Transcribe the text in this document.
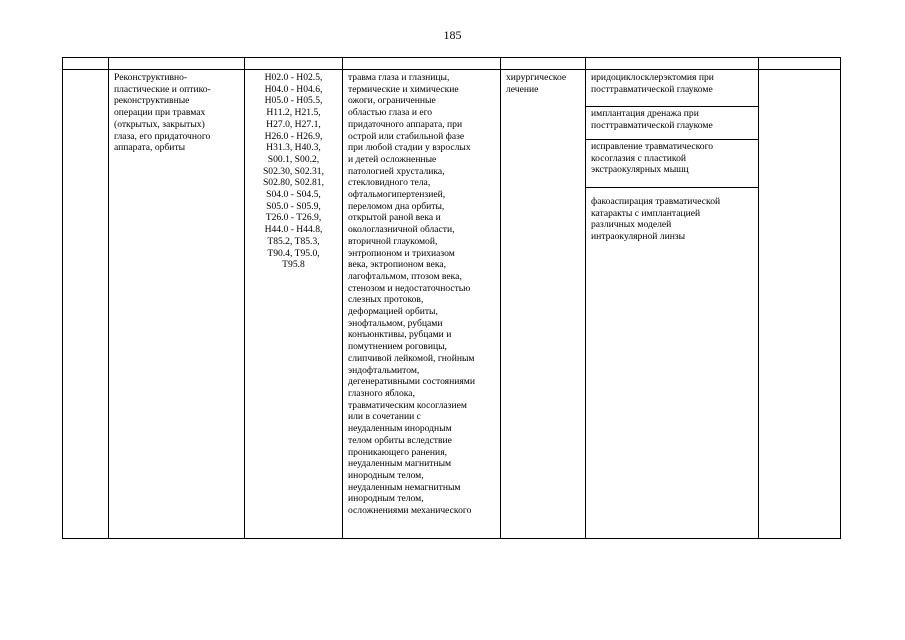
185
Реконструктивно-
пластические и оптико-
реконструктивные
операции при травмах
(открытых, закрытых)
глаза, его придаточного
аппарата, орбиты
H02.0 - H02.5,
H04.0 - H04.6,
H05.0 - H05.5,
H11.2, H21.5,
H27.0, H27.1,
H26.0 - H26.9,
H31.3, H40.3,
S00.1, S00.2,
S02.30, S02.31,
S02.80, S02.81,
S04.0 - S04.5,
S05.0 - S05.9,
T26.0 - T26.9,
H44.0 - H44.8,
T85.2, T85.3,
T90.4, T95.0,
T95.8
травма глаза и глазницы,
термические и химические
ожоги, ограниченные
областью глаза и его
придаточного аппарата, при
острой или стабильной фазе
при любой стадии у взрослых
и детей осложненные
патологией хрусталика,
стекловидного тела,
офтальмогипертензией,
переломом дна орбиты,
открытой раной века и
окологлазничной области,
вторичной глаукомой,
энтропионом и трихиазом
века, эктропионом века,
лагофтальмом, птозом века,
стенозом и недостаточностью
слезных протоков,
деформацией орбиты,
энофтальмом, рубцами
конъюнктивы, рубцами и
помутнением роговицы,
слипчивой лейкомой, гнойным
эндофтальмитом,
дегенеративными состояниями
глазного яблока,
травматическим косоглазием
или в сочетании с
неудаленным инородным
телом орбиты вследствие
проникающего ранения,
неудаленным магнитным
инородным телом,
неудаленным немагнитным
инородным телом,
осложнениями механического
хирургическое
лечение
иридоциклосклерэктомия при
посттравматической глаукоме
имплантация дренажа при
посттравматической глаукоме
исправление травматического
косоглазия с пластикой
экстраокулярных мышц
факоаспирация травматической
катаракты с имплантацией
различных моделей
интраокулярной линзы
